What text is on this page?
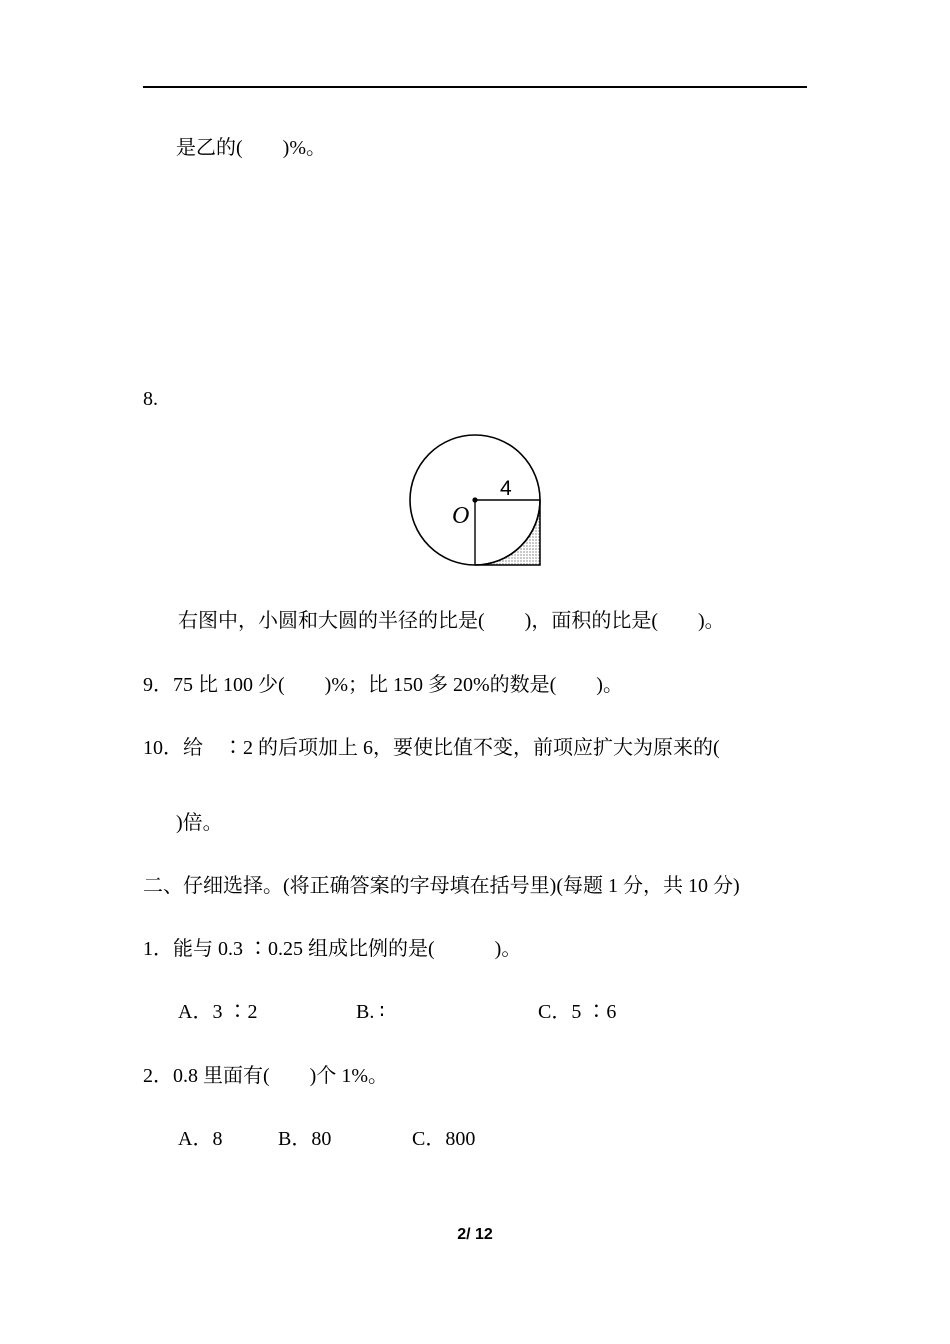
是乙的(　　)%。
8.
4
O
右图中，小圆和大圆的半径的比是(　　)，面积的比是(　　)。
9．75 比 100 少(　　)%；比 150 多 20%的数是(　　)。
10．给　∶2 的后项加上 6，要使比值不变，前项应扩大为原来的(
)倍。
二、仔细选择。(将正确答案的字母填在括号里)(每题 1 分，共 10 分)
1．能与 0.3 ∶0.25 组成比例的是(　　　)。
A．3 ∶2	B. ∶	C．5 ∶6
2．0.8 里面有(　　)个 1%。
A．8	B．80	C．800
2/ 12
